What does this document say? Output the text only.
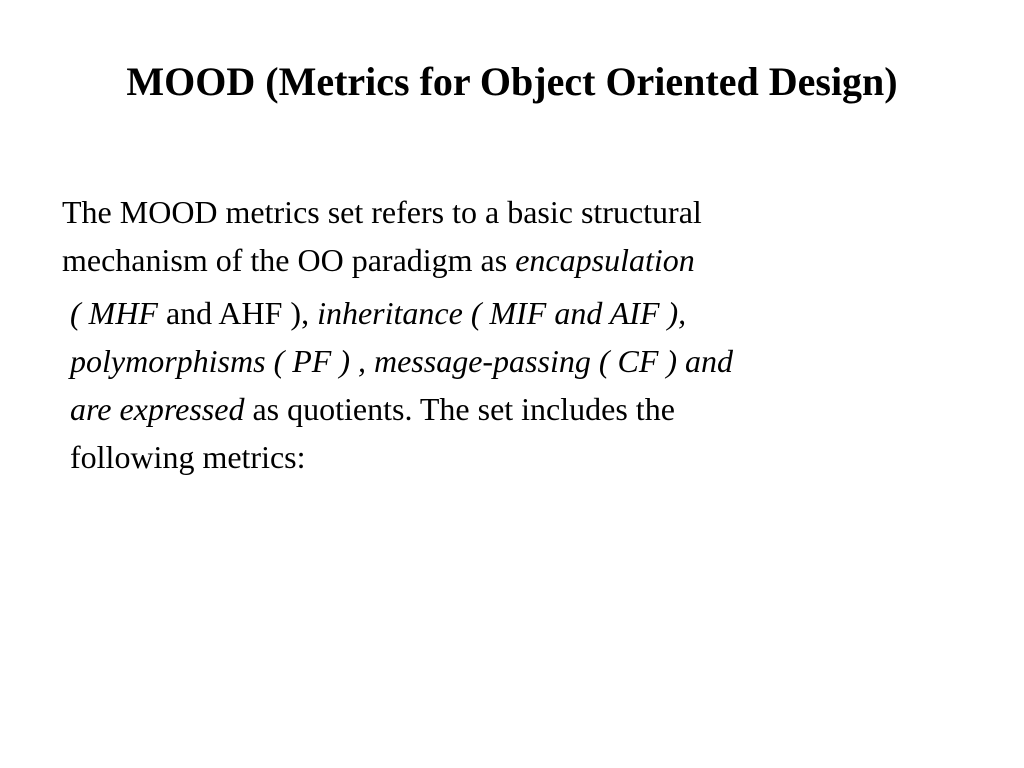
MOOD (Metrics for Object Oriented Design)

The MOOD metrics set refers to a basic structural
mechanism of the OO paradigm as encapsulation

( MHF and AHF ), inheritance ( MIF and AIF ),
polymorphisms ( PF ) , message-passing ( CF ) and
are expressed as quotients. The set includes the
following metrics:
